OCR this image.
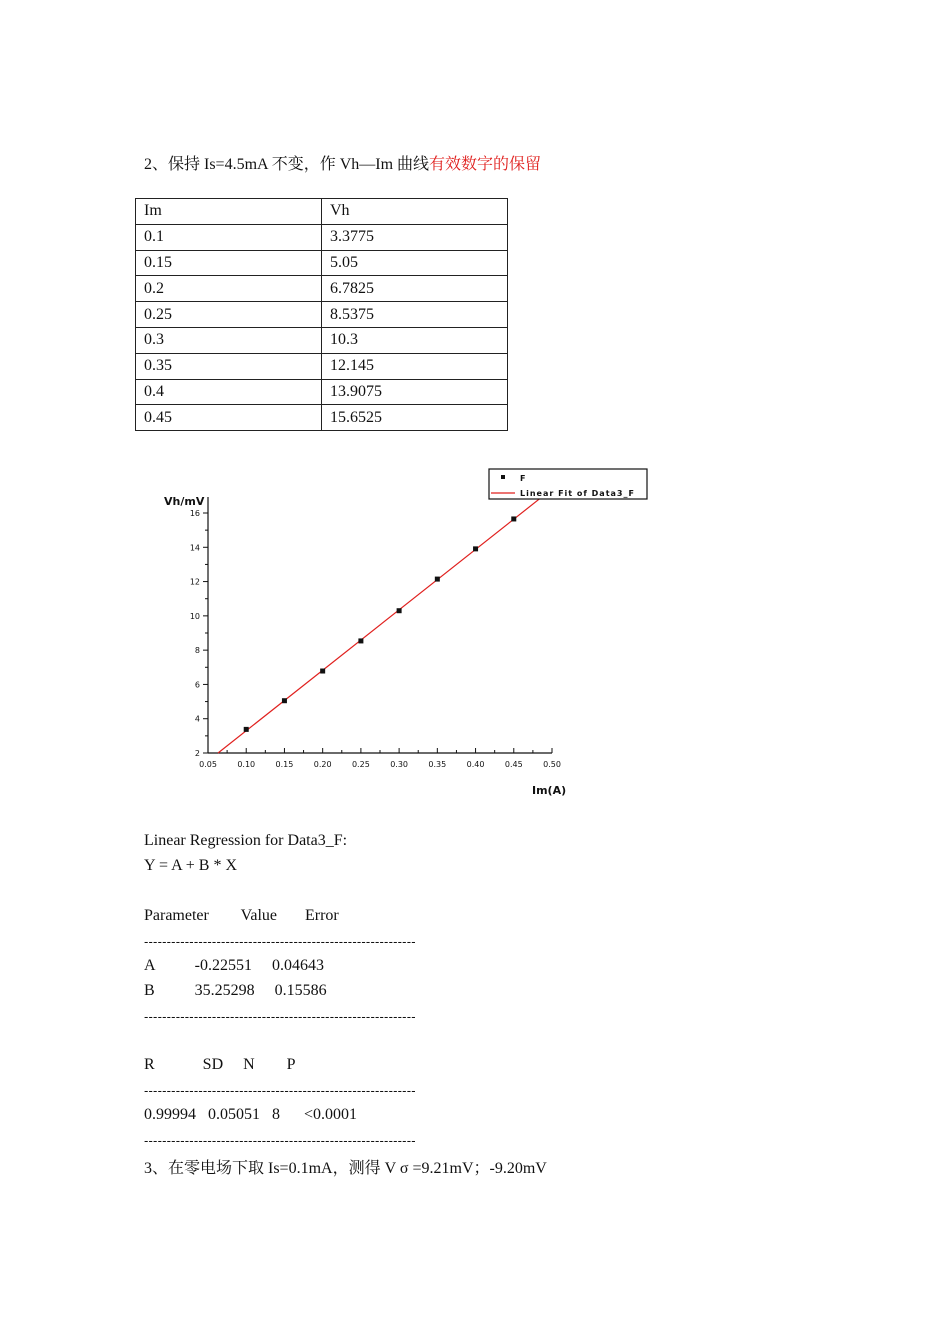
2、保持 Is=4.5mA 不变，作 Vh—Im 曲线有效数字的保留
Im	Vh
0.1	3.3775
0.15	5.05
0.2	6.7825
0.25	8.5375
0.3	10.3
0.35	12.145
0.4	13.9075
0.45	15.6525
0.05	0.10	0.15	0.20	0.25	0.30	0.35	0.40	0.45	0.50
2
4
6
8
10
12
14
16
Vh/mV
Im(A)
F
Linear Fit of Data3_F
Linear Regression for Data3_F:
Y = A + B * X
Parameter        Value       Error
------------------------------------------------------------
A          -0.22551     0.04643
B          35.25298     0.15586
------------------------------------------------------------
R            SD     N        P
------------------------------------------------------------
0.99994   0.05051   8      <0.0001
------------------------------------------------------------
3、在零电场下取 Is=0.1mA，测得 V σ =9.21mV；-9.20mV
